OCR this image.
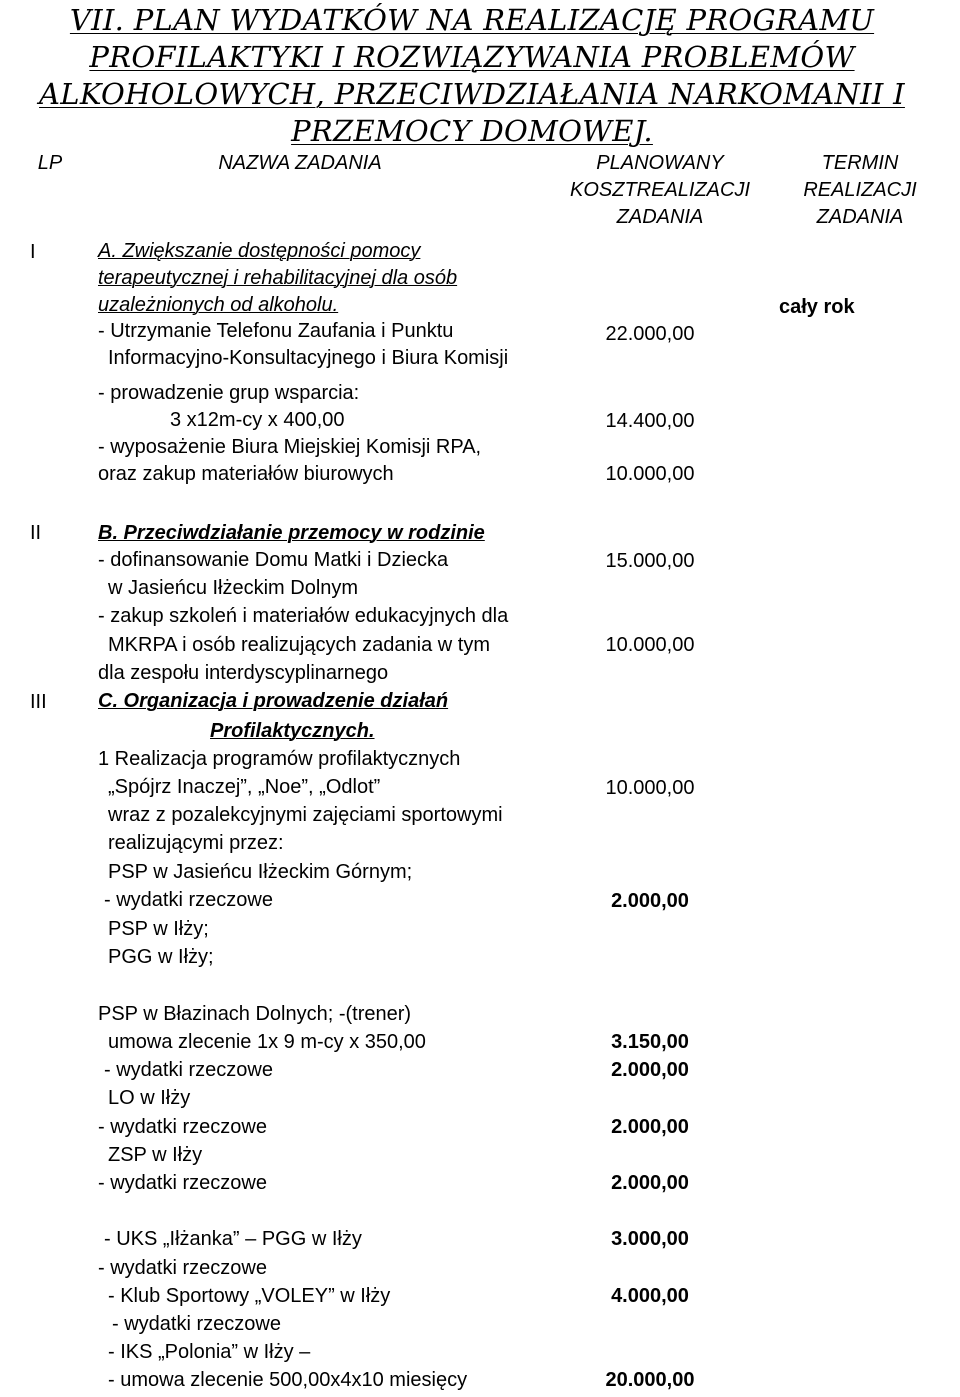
VII. PLAN WYDATKÓW NA REALIZACJĘ PROGRAMU
PROFILAKTYKI I ROZWIĄZYWANIA PROBLEMÓW
ALKOHOLOWYCH, PRZECIWDZIAŁANIA NARKOMANII I
PRZEMOCY DOMOWEJ.
LP	NAZWA ZADANIA	PLANOWANY
KOSZTREALIZACJI
ZADANIA
TERMIN
REALIZACJI
ZADANIA
I
II
III
cały rok
A. Zwiększanie dostępności pomocy
terapeutycznej i rehabilitacyjnej dla osób
uzależnionych od alkoholu.
- Utrzymanie Telefonu Zaufania i Punktu
Informacyjno-Konsultacyjnego i Biura Komisji
- prowadzenie grup wsparcia:
3 x12m-cy x 400,00
- wyposażenie Biura Miejskiej Komisji RPA,
oraz zakup materiałów biurowych
22.000,00
14.400,00
10.000,00
B. Przeciwdziałanie przemocy w rodzinie
- dofinansowanie Domu Matki i Dziecka
w Jasieńcu Iłżeckim Dolnym
- zakup szkoleń i materiałów edukacyjnych dla
MKRPA i osób realizujących zadania w tym
dla zespołu interdyscyplinarnego
15.000,00
10.000,00
C. Organizacja i prowadzenie działań
Profilaktycznych.
1 Realizacja programów profilaktycznych
„Spójrz Inaczej”, „Noe”, „Odlot”
wraz z pozalekcyjnymi zajęciami sportowymi
realizującymi przez:
PSP w Jasieńcu Iłżeckim Górnym;
- wydatki rzeczowe
PSP w Iłży;
PGG w Iłży;
PSP w Błazinach Dolnych; -(trener)
umowa zlecenie 1x 9 m-cy x 350,00
- wydatki rzeczowe
LO w Iłży
- wydatki rzeczowe
ZSP w Iłży
- wydatki rzeczowe
- UKS „Iłżanka” – PGG w Iłży
- wydatki rzeczowe
- Klub Sportowy „VOLEY” w Iłży
- wydatki rzeczowe
- IKS „Polonia” w Iłży –
- umowa zlecenie 500,00x4x10 miesięcy
10.000,00
2.000,00
3.150,00
2.000,00
2.000,00
2.000,00
3.000,00
4.000,00
20.000,00
